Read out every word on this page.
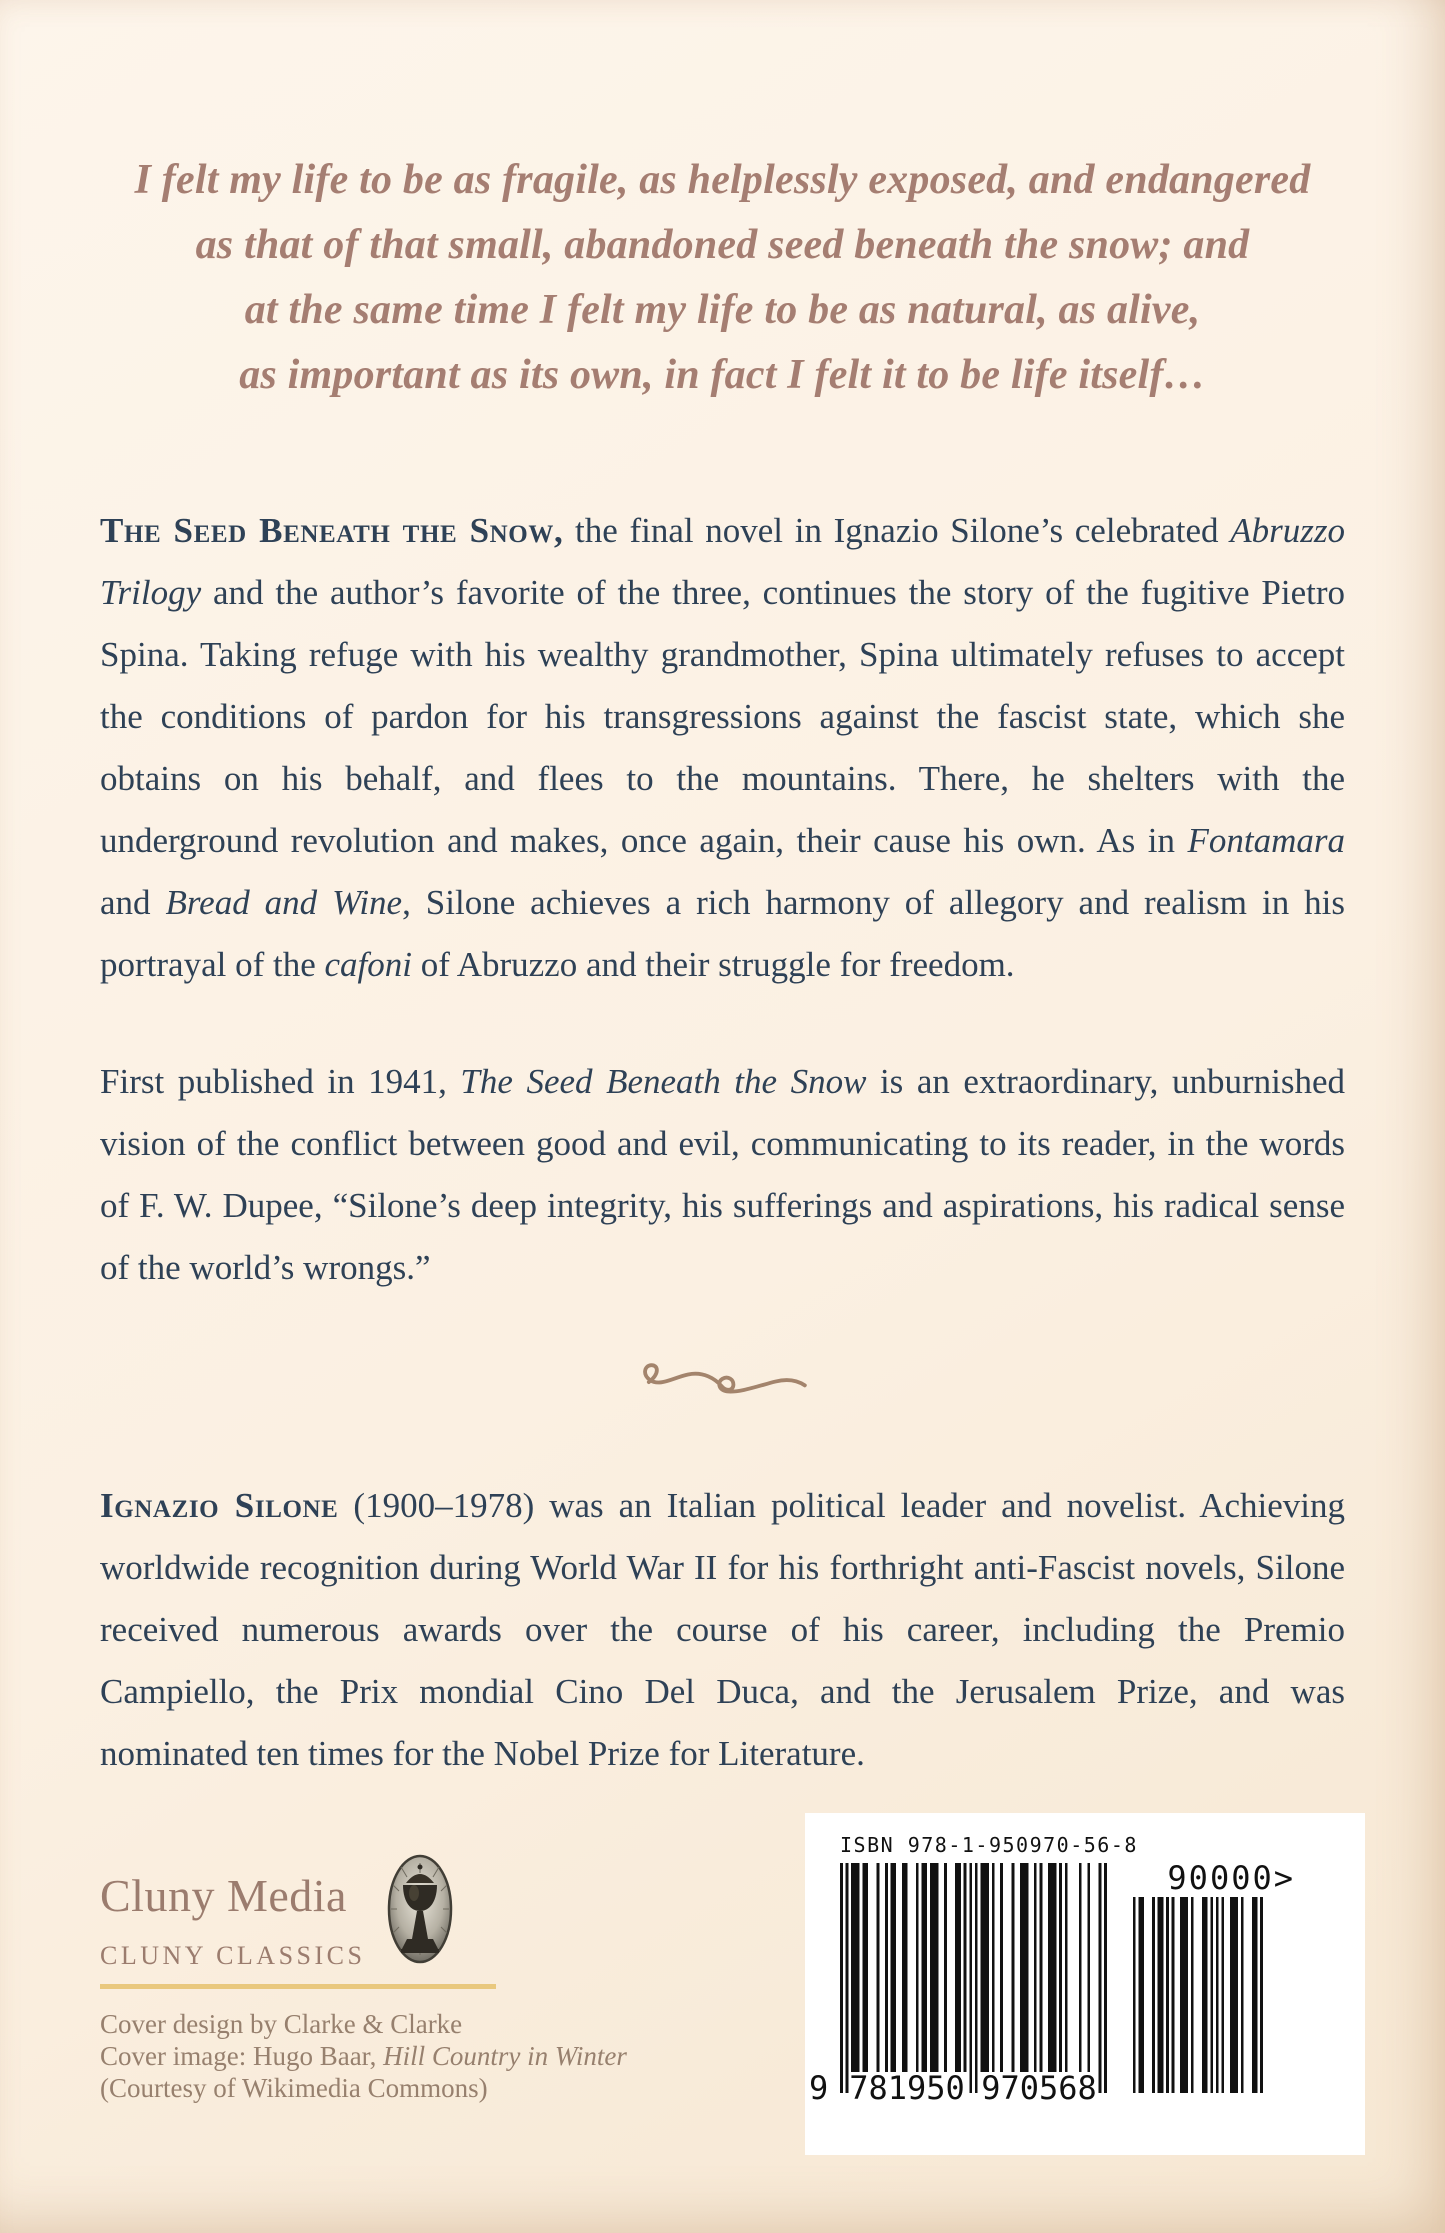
I felt my life to be as fragile, as helplessly exposed, and endangered
as that of that small, abandoned seed beneath the snow; and
at the same time I felt my life to be as natural, as alive,
as important as its own, in fact I felt it to be life itself…

The Seed Beneath the Snow, the final novel in Ignazio Silone’s celebrated Abruzzo Trilogy and the author’s favorite of the three, continues the story of the fugitive Pietro Spina. Taking refuge with his wealthy grandmother, Spina ultimately refuses to accept the conditions of pardon for his transgressions against the fascist state, which she obtains on his behalf, and flees to the mountains. There, he shelters with the underground revolution and makes, once again, their cause his own. As in Fontamara and Bread and Wine, Silone achieves a rich harmony of allegory and realism in his portrayal of the cafoni of Abruzzo and their struggle for freedom.

First published in 1941, The Seed Beneath the Snow is an extraordinary, unburnished vision of the conflict between good and evil, communicating to its reader, in the words of F. W. Dupee, “Silone’s deep integrity, his sufferings and aspirations, his radical sense of the world’s wrongs.”

Ignazio Silone (1900–1978) was an Italian political leader and novelist. Achieving worldwide recognition during World War II for his forthright anti-Fascist novels, Silone received numerous awards over the course of his career, including the Premio Campiello, the Prix mondial Cino Del Duca, and the Jerusalem Prize, and was nominated ten times for the Nobel Prize for Literature.

Cluny Media
CLUNY CLASSICS
Cover design by Clarke & Clarke
Cover image: Hugo Baar, Hill Country in Winter
(Courtesy of Wikimedia Commons)
ISBN 978-1-950970-56-8
9 781950 970568
90000>
